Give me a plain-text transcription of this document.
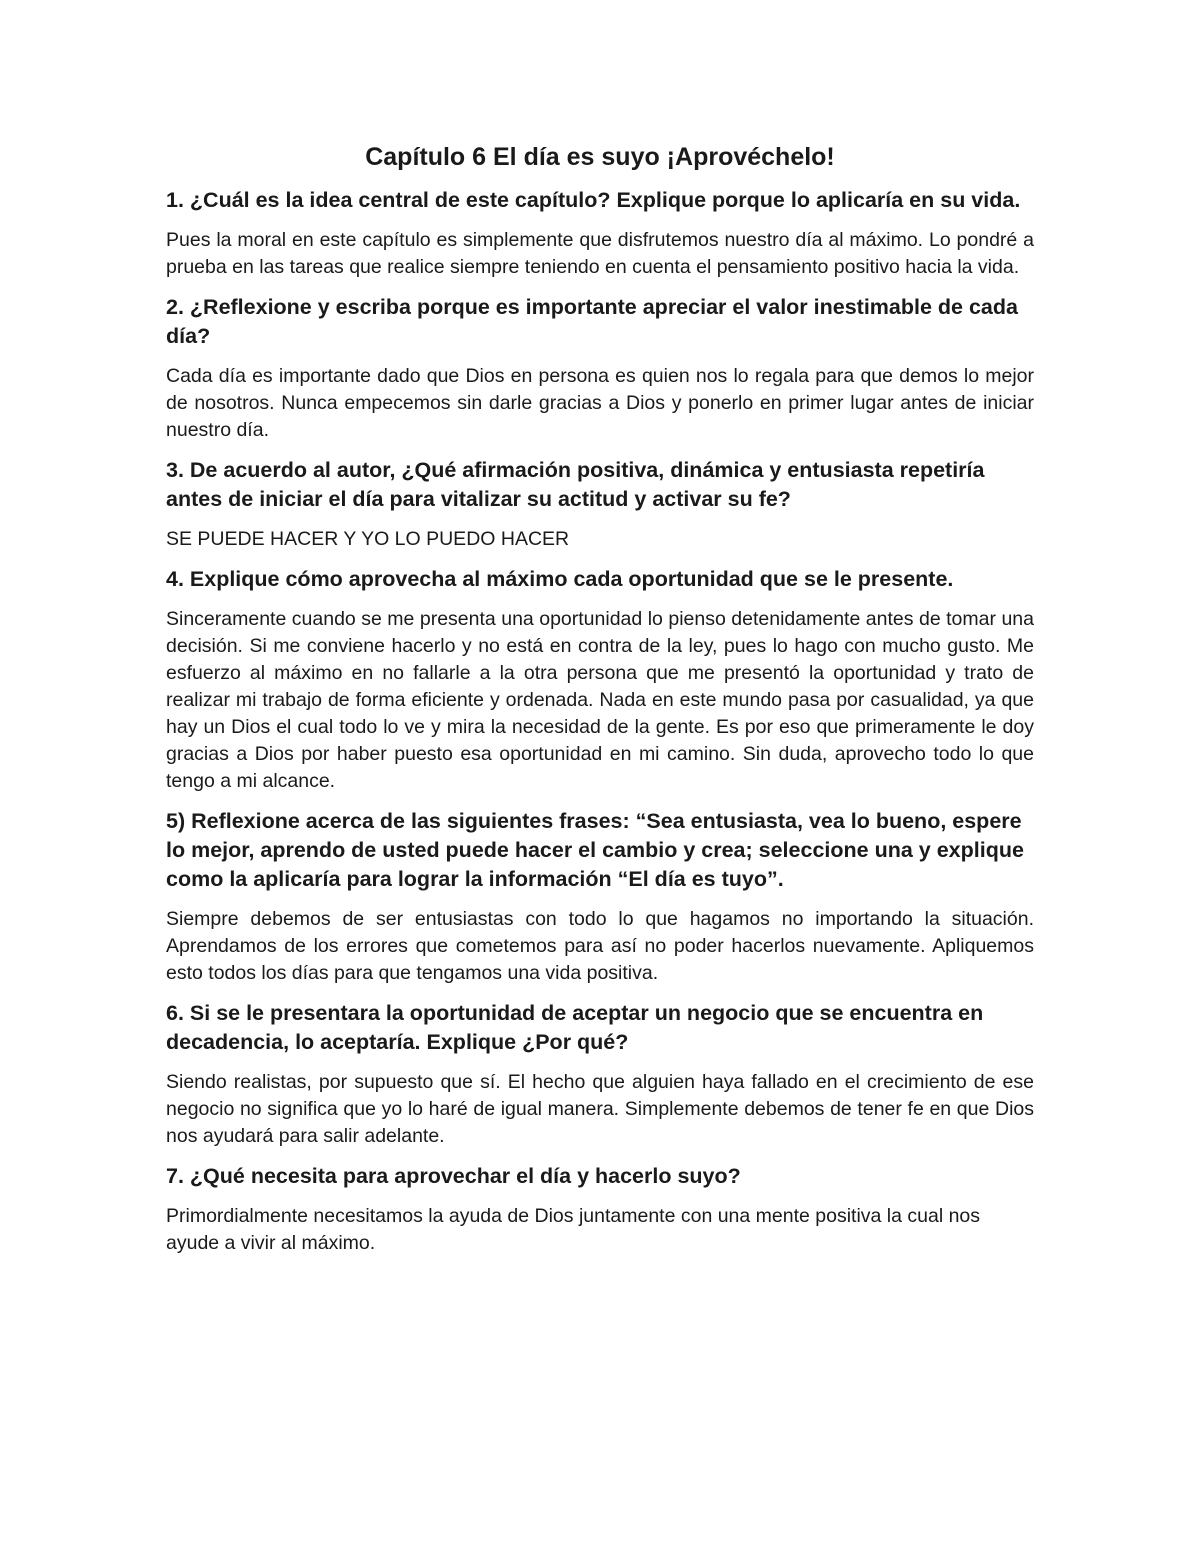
Capítulo 6 El día es suyo ¡Aprovéchelo!
1. ¿Cuál es la idea central de este capítulo? Explique porque lo aplicaría en su vida.
Pues la moral en este capítulo es simplemente que disfrutemos nuestro día al máximo. Lo pondré a prueba en las tareas que realice siempre teniendo en cuenta el pensamiento positivo hacia la vida.
2. ¿Reflexione y escriba porque es importante apreciar el valor inestimable de cada día?
Cada día es importante dado que Dios en persona es quien nos lo regala para que demos lo mejor de nosotros. Nunca empecemos sin darle gracias a Dios y ponerlo en primer lugar antes de iniciar nuestro día.
3. De acuerdo al autor, ¿Qué afirmación positiva, dinámica y entusiasta repetiría antes de iniciar el día para vitalizar su actitud y activar su fe?
SE PUEDE HACER Y YO LO PUEDO HACER
4. Explique cómo aprovecha al máximo cada oportunidad que se le presente.
Sinceramente cuando se me presenta una oportunidad lo pienso detenidamente antes de tomar una decisión. Si me conviene hacerlo y no está en contra de la ley, pues lo hago con mucho gusto. Me esfuerzo al máximo en no fallarle a la otra persona que me presentó la oportunidad y trato de realizar mi trabajo de forma eficiente y ordenada. Nada en este mundo pasa por casualidad, ya que hay un Dios el cual todo lo ve y mira la necesidad de la gente. Es por eso que primeramente le doy gracias a Dios por haber puesto esa oportunidad en mi camino. Sin duda, aprovecho todo lo que tengo a mi alcance.
5) Reflexione acerca de las siguientes frases: “Sea entusiasta, vea lo bueno, espere lo mejor, aprendo de usted puede hacer el cambio y crea; seleccione una y explique como la aplicaría para lograr la información “El día es tuyo”.
Siempre debemos de ser entusiastas con todo lo que hagamos no importando la situación. Aprendamos de los errores que cometemos para así no poder hacerlos nuevamente. Apliquemos esto todos los días para que tengamos una vida positiva.
6. Si se le presentara la oportunidad de aceptar un negocio que se encuentra en decadencia, lo aceptaría. Explique ¿Por qué?
Siendo realistas, por supuesto que sí. El hecho que alguien haya fallado en el crecimiento de ese negocio no significa que yo lo haré de igual manera. Simplemente debemos de tener fe en que Dios nos ayudará para salir adelante.
7. ¿Qué necesita para aprovechar el día y hacerlo suyo?
Primordialmente necesitamos la ayuda de Dios juntamente con una mente positiva la cual nos ayude a vivir al máximo.
